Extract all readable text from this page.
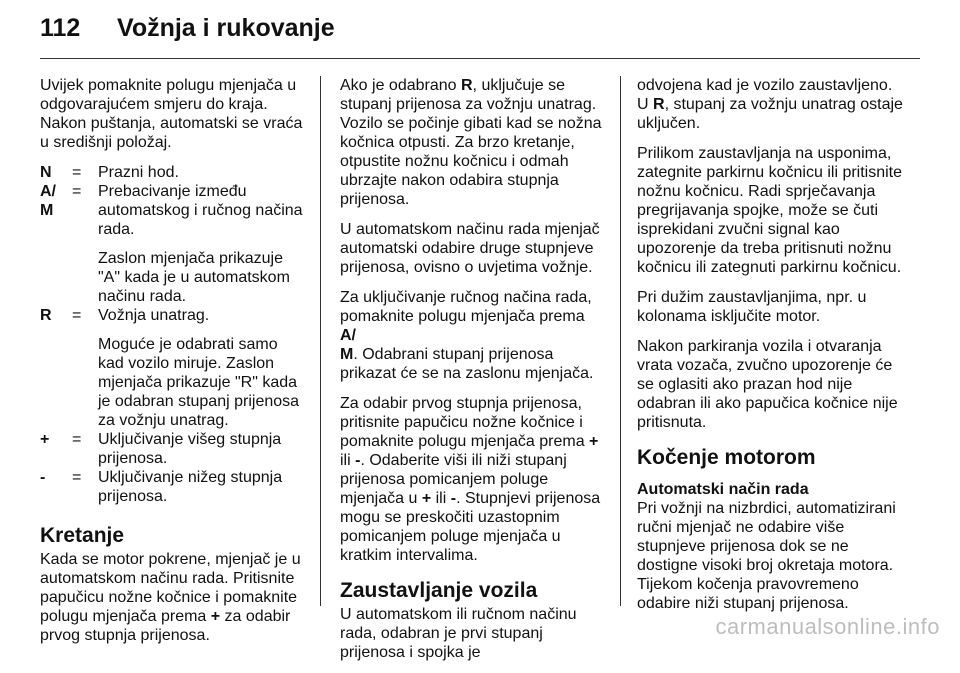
112 Vožnja i rukovanje

Uvijek pomaknite polugu mjenjača u odgovarajućem smjeru do kraja. Nakon puštanja, automatski se vraća u središnji položaj.

N	=	Prazni hod.
A/
M	=	Prebacivanje između automatskog i ručnog načina rada.
Zaslon mjenjača prikazuje "A" kada je u automatskom načinu rada.

R	=	Vožnja unatrag.
Moguće je odabrati samo kad vozilo miruje. Zaslon mjenjača prikazuje "R" kada je odabran stupanj prijenosa za vožnju unatrag.

+	=	Uključivanje višeg stupnja prijenosa.
-	=	Uključivanje nižeg stupnja prijenosa.
Kretanje

Kada se motor pokrene, mjenjač je u automatskom načinu rada. Pritisnite papučicu nožne kočnice i pomaknite polugu mjenjača prema + za odabir prvog stupnja prijenosa.

Ako je odabrano R, uključuje se stupanj prijenosa za vožnju unatrag. Vozilo se počinje gibati kad se nožna kočnica otpusti. Za brzo kretanje, otpustite nožnu kočnicu i odmah ubrzajte nakon odabira stupnja prijenosa.

U automatskom načinu rada mjenjač automatski odabire druge stupnjeve prijenosa, ovisno o uvjetima vožnje.

Za uključivanje ručnog načina rada, pomaknite polugu mjenjača prema A/
M. Odabrani stupanj prijenosa prikazat će se na zaslonu mjenjača.

Za odabir prvog stupnja prijenosa, pritisnite papučicu nožne kočnice i pomaknite polugu mjenjača prema + ili -. Odaberite viši ili niži stupanj prijenosa pomicanjem poluge mjenjača u + ili -. Stupnjevi prijenosa mogu se preskočiti uzastopnim pomicanjem poluge mjenjača u kratkim intervalima.

Zaustavljanje vozila

U automatskom ili ručnom načinu rada, odabran je prvi stupanj prijenosa i spojka je

odvojena kad je vozilo zaustavljeno. U R, stupanj za vožnju unatrag ostaje uključen.

Prilikom zaustavljanja na usponima, zategnite parkirnu kočnicu ili pritisnite nožnu kočnicu. Radi sprječavanja pregrijavanja spojke, može se čuti isprekidani zvučni signal kao upozorenje da treba pritisnuti nožnu kočnicu ili zategnuti parkirnu kočnicu.

Pri dužim zaustavljanjima, npr. u kolonama isključite motor.

Nakon parkiranja vozila i otvaranja vrata vozača, zvučno upozorenje će se oglasiti ako prazan hod nije odabran ili ako papučica kočnice nije pritisnuta.

Kočenje motorom
Automatski način rada

Pri vožnji na nizbrdici, automatizirani ručni mjenjač ne odabire više stupnjeve prijenosa dok se ne dostigne visoki broj okretaja motora. Tijekom kočenja pravovremeno odabire niži stupanj prijenosa.

carmanualsonline.info
